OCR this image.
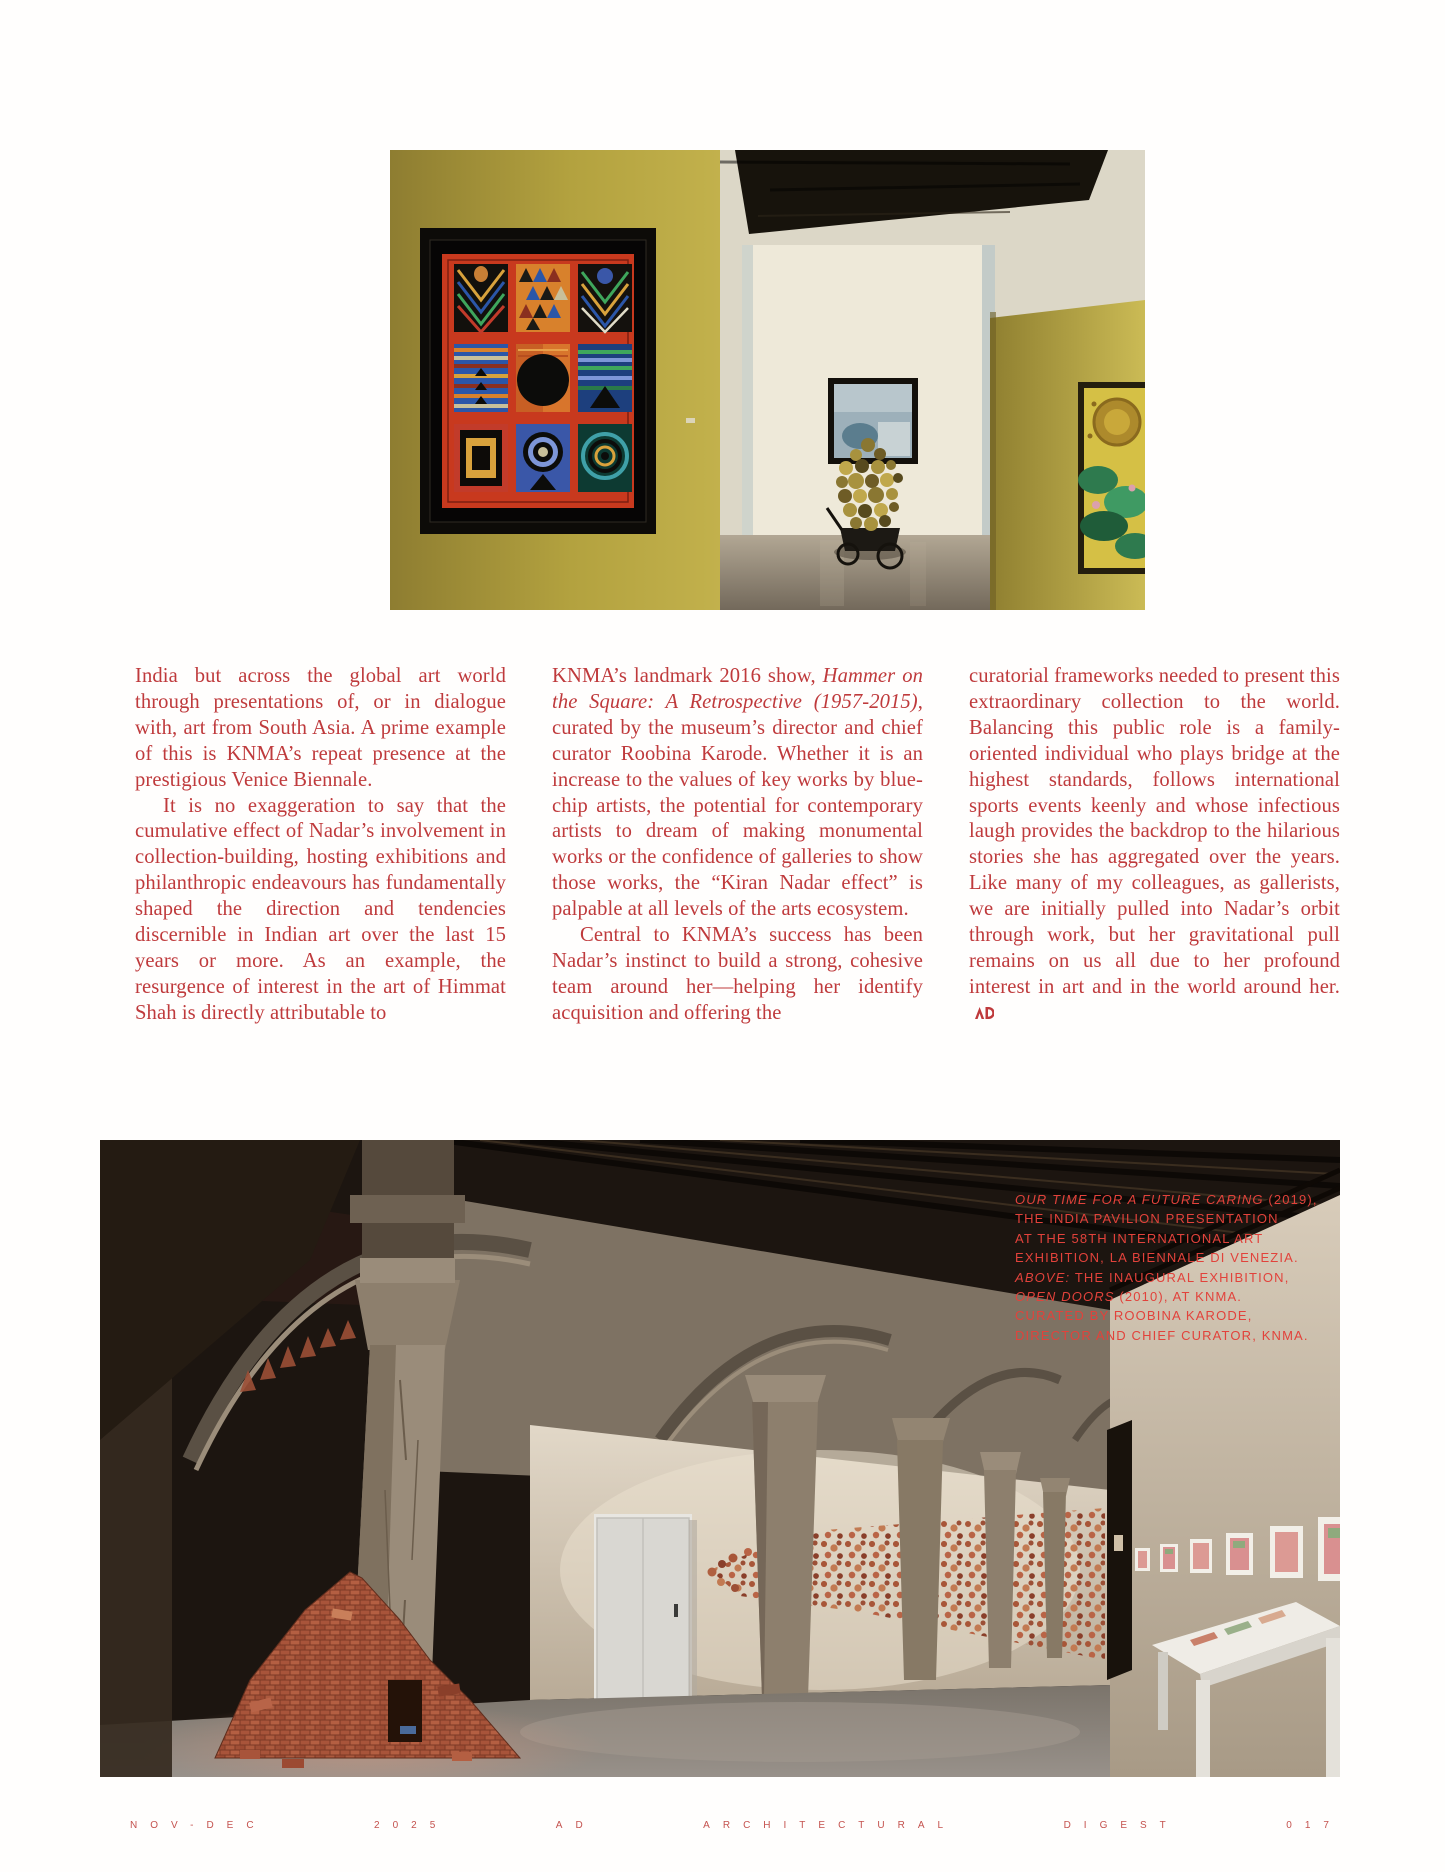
India but across the global art world through presentations of, or in dialogue with, art from South Asia. A prime example of this is KNMA’s repeat presence at the prestigious Venice Biennale.

It is no exaggeration to say that the cumulative effect of Nadar’s involvement in collection-building, hosting exhibitions and philanthropic endeavours has fundamentally shaped the direction and tendencies discernible in Indian art over the last 15 years or more. As an example, the resurgence of interest in the art of Himmat Shah is directly attributable to

KNMA’s landmark 2016 show, Hammer on the Square: A Retrospective (1957-2015), curated by the museum’s director and chief curator Roobina Karode. Whether it is an increase to the values of key works by blue-chip artists, the potential for contemporary artists to dream of making monumental works or the confidence of galleries to show those works, the “Kiran Nadar effect” is palpable at all levels of the arts ecosystem.

Central to KNMA’s success has been Nadar’s instinct to build a strong, cohesive team around her—helping her identify acquisition and offering the

curatorial frameworks needed to present this extraordinary collection to the world. Balancing this public role is a family-oriented individual who plays bridge at the highest standards, follows international sports events keenly and whose infectious laugh provides the backdrop to the hilarious stories she has aggregated over the years. Like many of my colleagues, as gallerists, we are initially pulled into Nadar’s orbit through work, but her gravitational pull remains on us all due to her profound interest in art and in the world around her.

OUR TIME FOR A FUTURE CARING (2019),
THE INDIA PAVILION PRESENTATION
AT THE 58TH INTERNATIONAL ART
EXHIBITION, LA BIENNALE DI VENEZIA.
ABOVE: THE INAUGURAL EXHIBITION,
OPEN DOORS (2010), AT KNMA.
CURATED BY ROOBINA KARODE,
DIRECTOR AND CHIEF CURATOR, KNMA.
NOV-DEC	2025	AD	ARCHITECTURAL	DIGEST	017
